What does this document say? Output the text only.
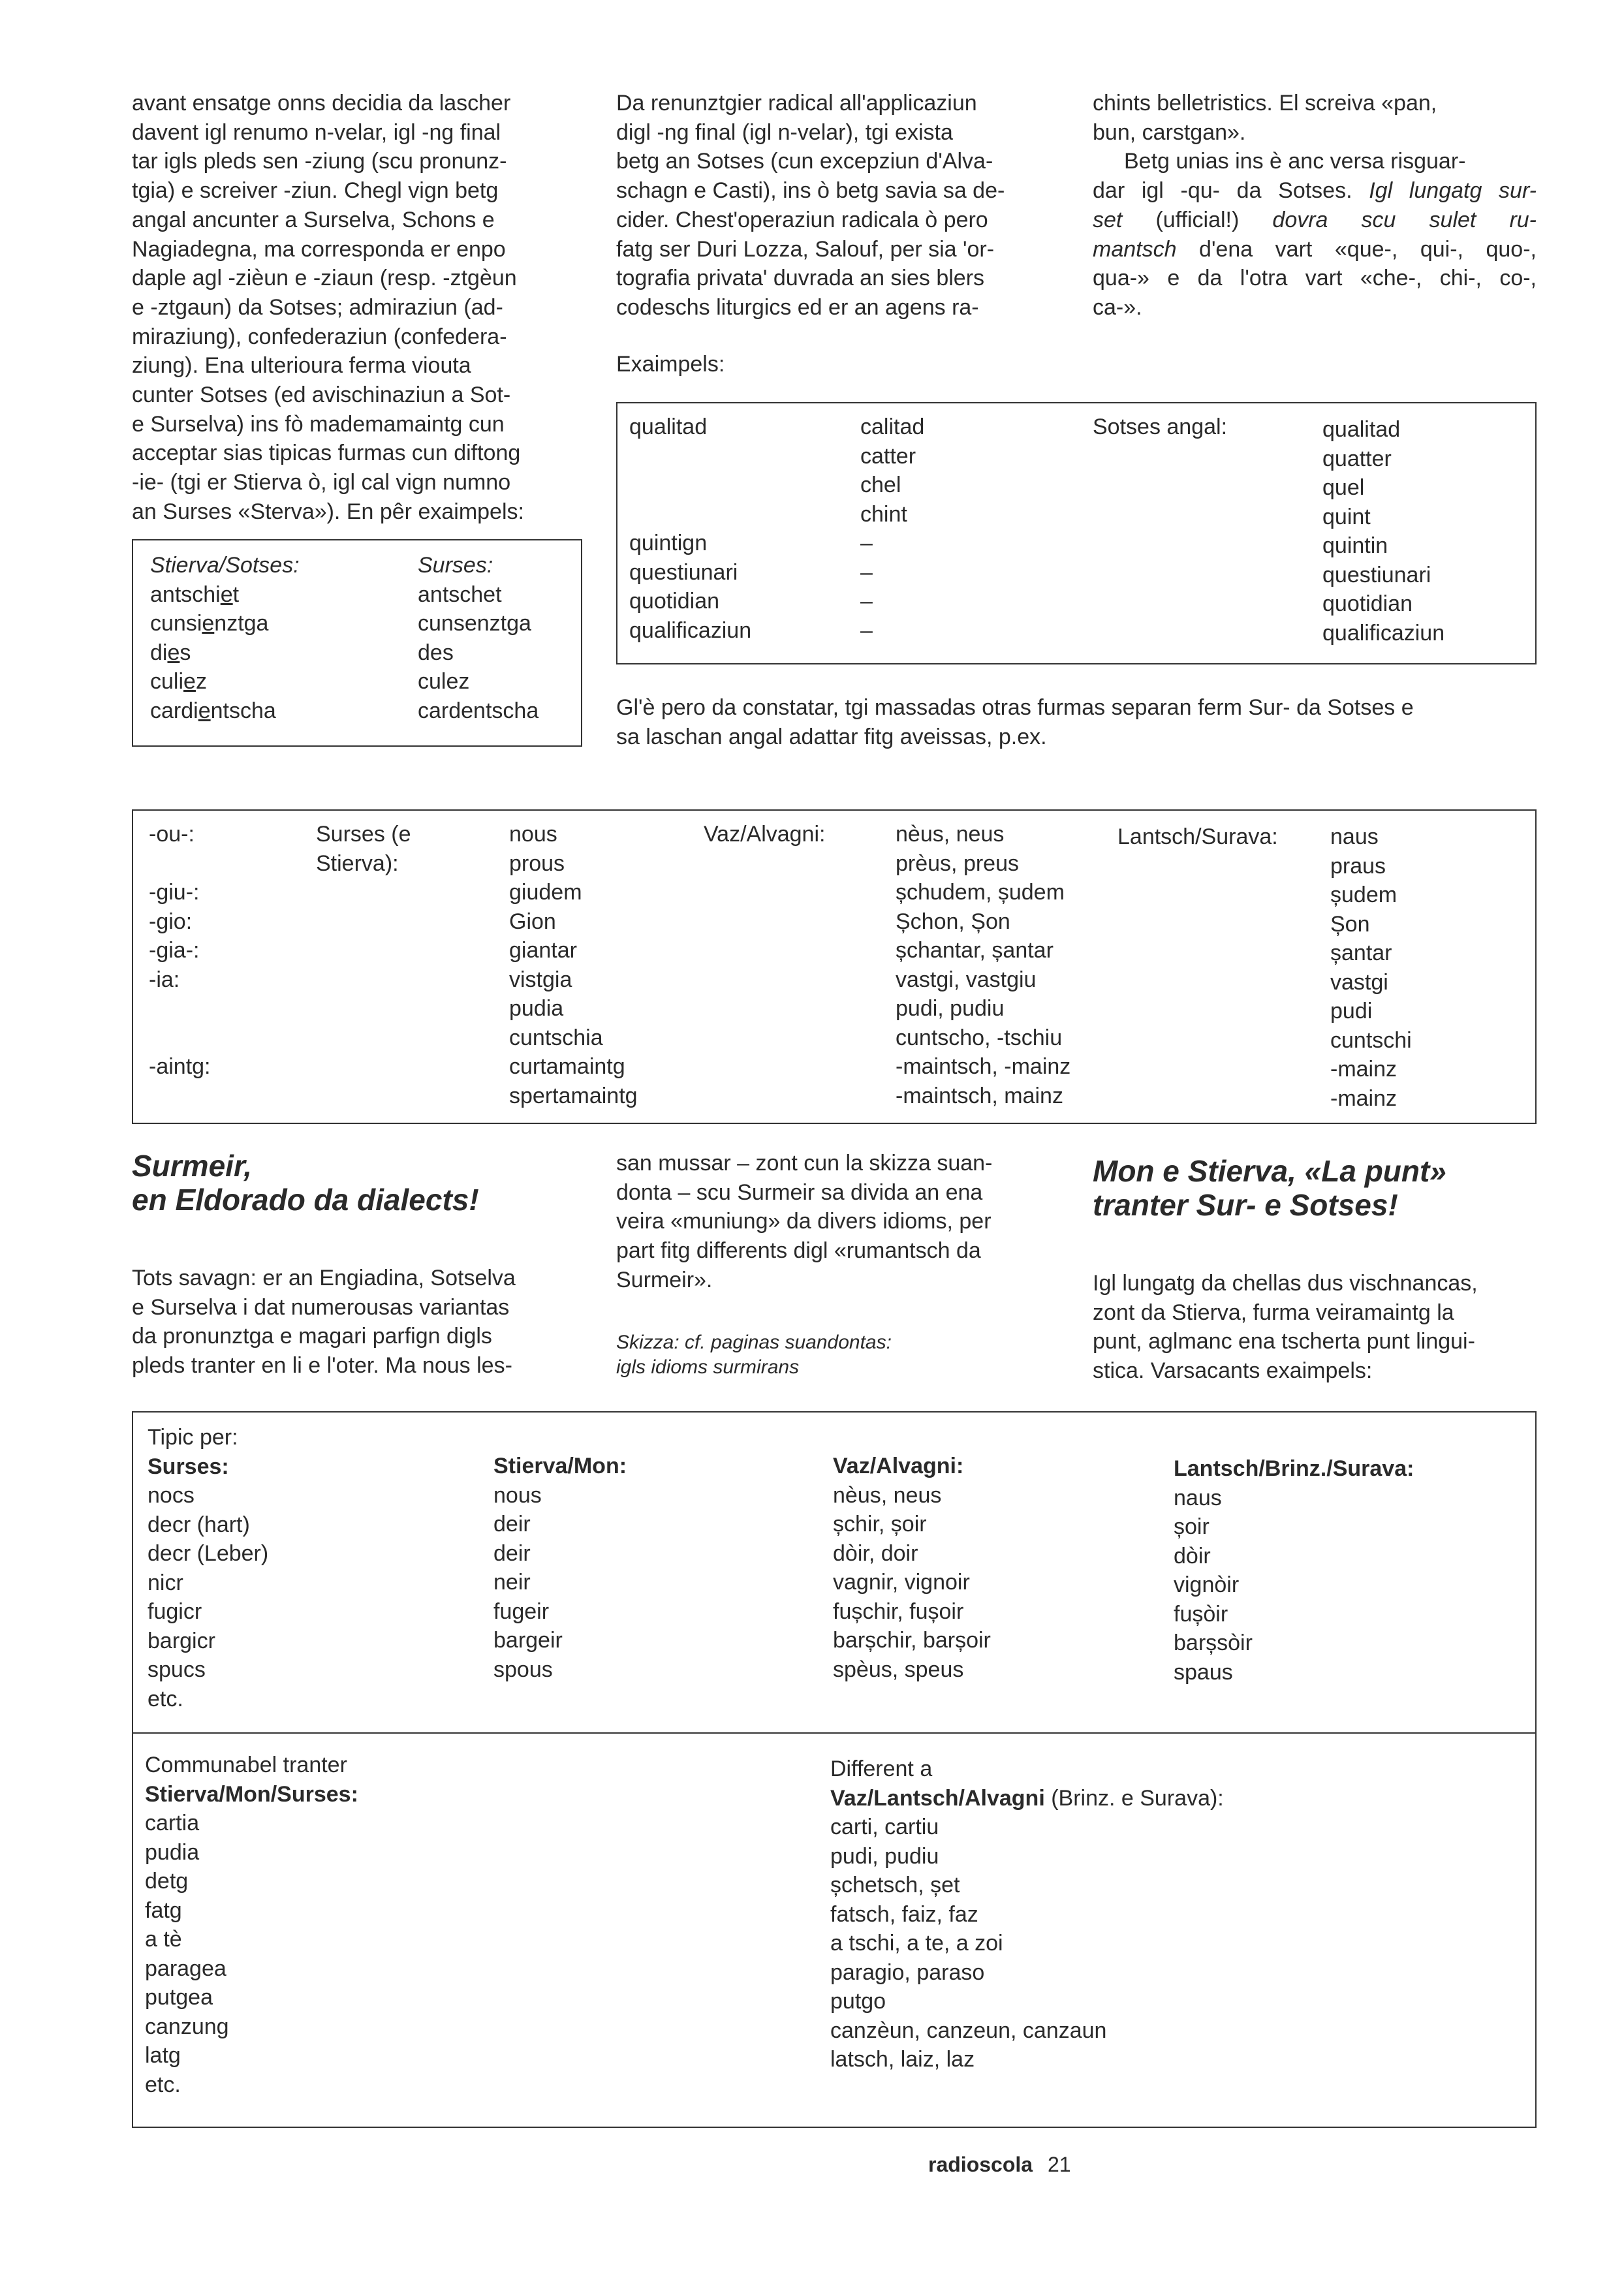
avant ensatge onns decidia da lascher
davent igl renumo n-velar, igl -ng final
tar igls pleds sen -ziung (scu pronunz-
tgia) e screiver -ziun. Chegl vign betg
angal ancunter a Surselva, Schons e
Nagiadegna, ma corresponda er enpo
daple agl -zièun e -ziaun (resp. -ztgèun
e -ztgaun) da Sotses; admiraziun (ad-
miraziung), confederaziun (confedera-
ziung). Ena ulterioura ferma viouta
cunter Sotses (ed avischinaziun a Sot-
e Surselva) ins fò mademamaintg cun
acceptar sias tipicas furmas cun diftong
-ie- (tgi er Stierva ò, igl cal vign numno
an Surses «Sterva»). En pêr exaimpels:
Stierva/Sotses:
antschiet
cunsienztga
dies
culiez
cardientscha
Surses:
antschet
cunsenztga
des
culez
cardentscha
Da renunztgier radical all'applicaziun
digl -ng final (igl n-velar), tgi exista
betg an Sotses (cun excepziun d'Alva-
schagn e Casti), ins ò betg savia sa de-
cider. Chest'operaziun radicala ò pero
fatg ser Duri Lozza, Salouf, per sia 'or-
tografia privata' duvrada an sies blers
codeschs liturgics ed er an agens ra-
Exaimpels:
chints belletristics. El screiva «pan,
bun, carstgan».
Betg unias ins è anc versa risguar-
dar igl -qu- da Sotses. Igl lungatg sur-
set (ufficial!) dovra scu sulet ru-
mantsch d'ena vart «que-, qui-, quo-,
qua-» e da l'otra vart «che-, chi-, co-,
ca-».
qualitad

quintign
questiunari
quotidian
qualificaziun
calitad
catter
chel
chint
–
–
–
–
Sotses angal:	qualitad
quatter
quel
quint
quintin
questiunari
quotidian
qualificaziun
Gl'è pero da constatar, tgi massadas otras furmas separan ferm Sur- da Sotses e
sa laschan angal adattar fitg aveissas, p.ex.
-ou-:

-giu-:
-gio:
-gia-:
-ia:

-aintg:
Surses (e
Stierva):
nous
prous
giudem
Gion
giantar
vistgia
pudia
cuntschia
curtamaintg
spertamaintg
Vaz/Alvagni:	nèus, neus
prèus, preus
șchudem, șudem
Șchon, Șon
șchantar, șantar
vastgi, vastgiu
pudi, pudiu
cuntscho, -tschiu
-maintsch, -mainz
-maintsch, mainz
Lantsch/Surava: naus
praus
șudem
Șon
șantar
vastgi
pudi
cuntschi
-mainz
-mainz
Surmeir,
en Eldorado da dialects!
Tots savagn: er an Engiadina, Sotselva
e Surselva i dat numerousas variantas
da pronunztga e magari parfign digls
pleds tranter en li e l'oter. Ma nous les-
san mussar – zont cun la skizza suan-
donta – scu Surmeir sa divida an ena
veira «muniung» da divers idioms, per
part fitg differents digl «rumantsch da
Surmeir».
Skizza: cf. paginas suandontas:
igls idioms surmirans
Mon e Stierva, «La punt»
tranter Sur- e Sotses!
Igl lungatg da chellas dus vischnancas,
zont da Stierva, furma veiramaintg la
punt, aglmanc ena tscherta punt lingui-
stica. Varsacants exaimpels:
Tipic per:
Surses:
nocs
decr (hart)
decr (Leber)
nicr
fugicr
bargicr
spucs
etc.
Stierva/Mon:
nous
deir
deir
neir
fugeir
bargeir
spous
Vaz/Alvagni:
nèus, neus
șchir, șoir
dòir, doir
vagnir, vignoir
fușchir, fușoir
barșchir, barșoir
spèus, speus
Lantsch/Brinz./Surava:
naus
șoir
dòir
vignòir
fușòir
barșsòir
spaus
Communabel tranter
Stierva/Mon/Surses:
cartia
pudia
detg
fatg
a tè
paragea
putgea
canzung
latg
etc.
Different a
Vaz/Lantsch/Alvagni (Brinz. e Surava):
carti, cartiu
pudi, pudiu
șchetsch, șet
fatsch, faiz, faz
a tschi, a te, a zoi
paragio, paraso
putgo
canzèun, canzeun, canzaun
latsch, laiz, laz
radioscola 21
